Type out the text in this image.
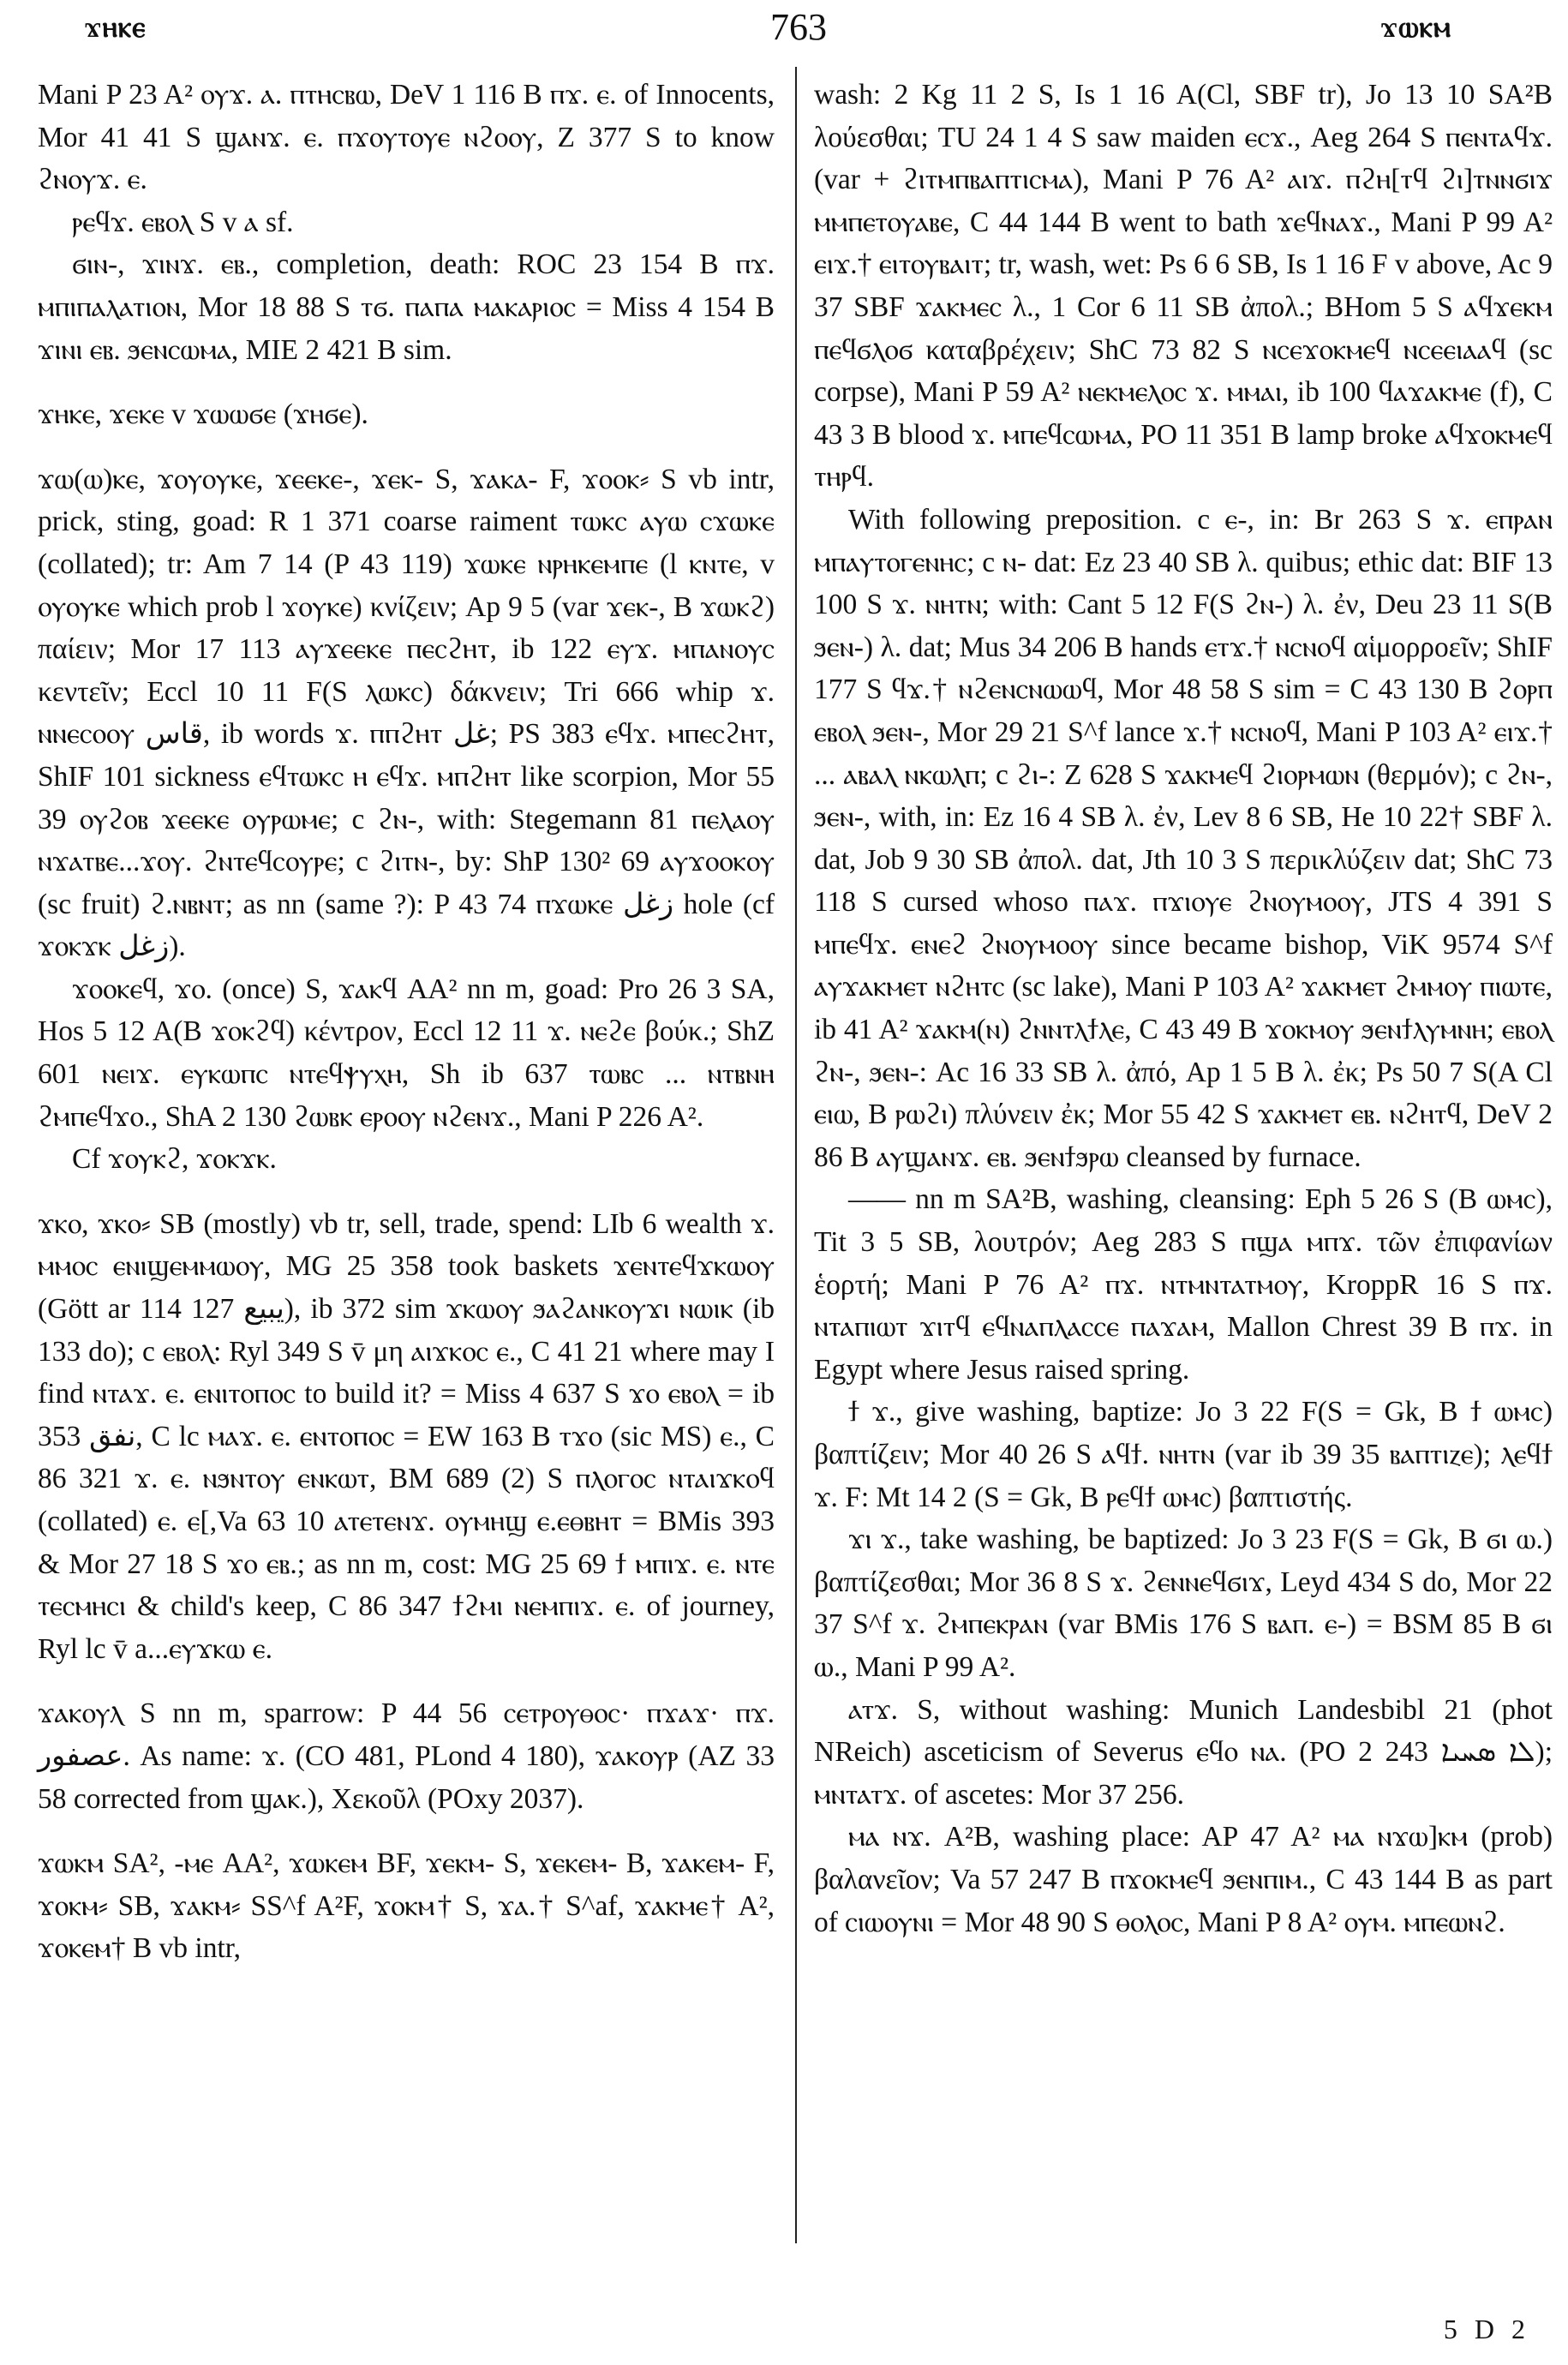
ϫⲏⲕⲉ	763	ϫⲱⲕⲙ

Mani P 23 A² ⲟⲩϫ. ⲁ. ⲡⲧⲏⲥⲃⲱ, DeV 1 116 B ⲡϫ. ⲉ. of Innocents, Mor 41 41 S ϣⲁⲛϫ. ⲉ. ⲡϫⲟⲩⲧⲟⲩⲉ ⲛϩⲟⲟⲩ, Z 377 S to know ϩⲛⲟⲩϫ. ⲉ.

ⲣⲉϥϫ. ⲉⲃⲟⲗ S v ⲁ sf.

ϭⲓⲛ-, ϫⲓⲛϫ. ⲉⲃ., completion, death: ROC 23 154 B ⲡϫ. ⲙⲡⲓⲡⲁⲗⲁⲧⲓⲟⲛ, Mor 18 88 S ⲧϭ. ⲡⲁⲡⲁ ⲙⲁⲕⲁⲣⲓⲟⲥ = Miss 4 154 B ϫⲓⲛⲓ ⲉⲃ. ϧⲉⲛⲥⲱⲙⲁ, MIE 2 421 B sim.

ϫⲏⲕⲉ, ϫⲉⲕⲉ v ϫⲱⲱϭⲉ (ϫⲏϭⲉ).

ϫⲱ(ⲱ)ⲕⲉ, ϫⲟⲩⲟⲩⲕⲉ, ϫⲉⲉⲕⲉ-, ϫⲉⲕ- S, ϫⲁⲕⲁ- F, ϫⲟⲟⲕ⸗ S vb intr, prick, sting, goad: R 1 371 coarse raiment ⲧⲱⲕⲥ ⲁⲩⲱ ⲥϫⲱⲕⲉ (collated); tr: Am 7 14 (P 43 119) ϫⲱⲕⲉ ⲛⲣⲏⲕⲉⲙⲡⲉ (l ⲕⲛⲧⲉ, v ⲟⲩⲟⲩⲕⲉ which prob l ϫⲟⲩⲕⲉ) κνίζειν; Ap 9 5 (var ϫⲉⲕ-, B ϫⲱⲕϩ) παίειν; Mor 17 113 ⲁⲩϫⲉⲉⲕⲉ ⲡⲉⲥϩⲏⲧ, ib 122 ⲉⲩϫ. ⲙⲡⲁⲛⲟⲩⲥ κεντεῖν; Eccl 10 11 F(S ⲗⲱⲕⲥ) δάκνειν; Tri 666 whip ϫ. ⲛⲛⲉⲥⲟⲟⲩ قاس, ib words ϫ. ⲡⲡϩⲏⲧ غل; PS 383 ⲉϥϫ. ⲙⲡⲉⲥϩⲏⲧ, ShIF 101 sickness ⲉϥⲧⲱⲕⲥ ⲏ ⲉϥϫ. ⲙⲡϩⲏⲧ like scorpion, Mor 55 39 ⲟⲩϩⲟⲃ ϫⲉⲉⲕⲉ ⲟⲩⲣⲱⲙⲉ; c ϩⲛ-, with: Stegemann 81 ⲡⲉⲗⲁⲟⲩ ⲛϫⲁⲧⲃⲉ...ϫⲟⲩ. ϩⲛⲧⲉϥⲥⲟⲩⲣⲉ; c ϩⲓⲧⲛ-, by: ShP 130² 69 ⲁⲩϫⲟⲟⲕⲟⲩ (sc fruit) ϩ.ⲛⲃⲛⲧ; as nn (same ?): P 43 74 ⲡϫⲱⲕⲉ زغل hole (cf ϫⲟⲕϫⲕ زغل).

ϫⲟⲟⲕⲉϥ, ϫⲟ. (once) S, ϫⲁⲕϥ AA² nn m, goad: Pro 26 3 SA, Hos 5 12 A(B ϫⲟⲕϩϥ) κέντρον, Eccl 12 11 ϫ. ⲛⲉϩⲉ βούκ.; ShZ 601 ⲛⲉⲓϫ. ⲉⲩⲕⲱⲡⲥ ⲛⲧⲉϥⲯⲩⲭⲏ, Sh ib 637 ⲧⲱⲃⲥ ... ⲛⲧⲃⲛⲏ ϩⲙⲡⲉϥϫⲟ., ShA 2 130 ϩⲱⲃⲕ ⲉⲣⲟⲟⲩ ⲛϩⲉⲛϫ., Mani P 226 A².

Cf ϫⲟⲩⲕϩ, ϫⲟⲕϫⲕ.

ϫⲕⲟ, ϫⲕⲟ⸗ SB (mostly) vb tr, sell, trade, spend: LIb 6 wealth ϫ. ⲙⲙⲟⲥ ⲉⲛⲓϣⲉⲙⲙⲱⲟⲩ, MG 25 358 took baskets ϫⲉⲛⲧⲉϥϫⲕⲱⲟⲩ (Gött ar 114 127 يبيع), ib 372 sim ϫⲕⲱⲟⲩ ϧⲁϩⲁⲛⲕⲟⲩϫⲓ ⲛⲱⲓⲕ (ib 133 do); c ⲉⲃⲟⲗ: Ryl 349 S v̄ μη ⲁⲓϫⲕⲟⲥ ⲉ., C 41 21 where may I find ⲛⲧⲁϫ. ⲉ. ⲉⲛⲓⲧⲟⲡⲟⲥ to build it? = Miss 4 637 S ϫⲟ ⲉⲃⲟⲗ = ib 353 نفق, C lc ⲙⲁϫ. ⲉ. ⲉⲛⲧⲟⲡⲟⲥ = EW 163 B ⲧϫⲟ (sic MS) ⲉ., C 86 321 ϫ. ⲉ. ⲛϧⲛⲧⲟⲩ ⲉⲛⲕⲱⲧ, BM 689 (2) S ⲡⲗⲟⲅⲟⲥ ⲛⲧⲁⲓϫⲕⲟϥ (collated) ⲉ. ⲉ[,Va 63 10 ⲁⲧⲉⲧⲉⲛϫ. ⲟⲩⲙⲏϣ ⲉ.ⲉⲑⲃⲏⲧ = BMis 393 & Mor 27 18 S ϫⲟ ⲉⲃ.; as nn m, cost: MG 25 69 ϯ ⲙⲡⲓϫ. ⲉ. ⲛⲧⲉ ⲧⲉⲥⲙⲏⲥⲓ & child's keep, C 86 347 ϯϩⲙⲓ ⲛⲉⲙⲡⲓϫ. ⲉ. of journey, Ryl lc v̄ a...ⲉⲩϫⲕⲱ ⲉ.

ϫⲁⲕⲟⲩⲗ S nn m, sparrow: P 44 56 ⲥⲉⲧⲣⲟⲩⲑⲟⲥ· ⲡϫⲁϫ· ⲡϫ. عصفور. As name: ϫ. (CO 481, PLond 4 180), ϫⲁⲕⲟⲩⲣ (AZ 33 58 corrected from ϣⲁⲕ.), Χεκοῦλ (POxy 2037).

ϫⲱⲕⲙ SA², -ⲙⲉ AA², ϫⲱⲕⲉⲙ BF, ϫⲉⲕⲙ- S, ϫⲉⲕⲉⲙ- B, ϫⲁⲕⲉⲙ- F, ϫⲟⲕⲙ⸗ SB, ϫⲁⲕⲙ⸗ SS^f A²F, ϫⲟⲕⲙ† S, ϫⲁ.† S^af, ϫⲁⲕⲙⲉ† A², ϫⲟⲕⲉⲙ† B vb intr,

wash: 2 Kg 11 2 S, Is 1 16 A(Cl, SBF tr), Jo 13 10 SA²B λούεσθαι; TU 24 1 4 S saw maiden ⲉⲥϫ., Aeg 264 S ⲡⲉⲛⲧⲁϥϫ. (var + ϩⲓⲧⲙⲡⲃⲁⲡⲧⲓⲥⲙⲁ), Mani P 76 A² ⲁⲓϫ. ⲡϩⲏ[ⲧϥ ϩⲓ]ⲧⲛⲛϭⲓϫ ⲙⲙⲡⲉⲧⲟⲩⲁⲃⲉ, C 44 144 B went to bath ϫⲉϥⲛⲁϫ., Mani P 99 A² ⲉⲓϫ.† ⲉⲓⲧⲟⲩⲃⲁⲓⲧ; tr, wash, wet: Ps 6 6 SB, Is 1 16 F v above, Ac 9 37 SBF ϫⲁⲕⲙⲉⲥ λ., 1 Cor 6 11 SB ἀπολ.; BHom 5 S ⲁϥϫⲉⲕⲙ ⲡⲉϥϭⲗⲟϭ καταβρέχειν; ShC 73 82 S ⲛⲥⲉϫⲟⲕⲙⲉϥ ⲛⲥⲉⲉⲓⲁⲁϥ (sc corpse), Mani P 59 A² ⲛⲉⲕⲙⲉⲗⲟⲥ ϫ. ⲙⲙⲁⲓ, ib 100 ϥⲁϫⲁⲕⲙⲉ (f), C 43 3 B blood ϫ. ⲙⲡⲉϥⲥⲱⲙⲁ, PO 11 351 B lamp broke ⲁϥϫⲟⲕⲙⲉϥ ⲧⲏⲣϥ.

With following preposition. c ⲉ-, in: Br 263 S ϫ. ⲉⲡⲣⲁⲛ ⲙⲡⲁⲩⲧⲟⲅⲉⲛⲏⲥ; c ⲛ- dat: Ez 23 40 SB λ. quibus; ethic dat: BIF 13 100 S ϫ. ⲛⲏⲧⲛ; with: Cant 5 12 F(S ϩⲛ-) λ. ἐν, Deu 23 11 S(B ϧⲉⲛ-) λ. dat; Mus 34 206 B hands ⲉⲧϫ.† ⲛⲥⲛⲟϥ αἱμορροεῖν; ShIF 177 S ϥϫ.† ⲛϩⲉⲛⲥⲛⲱⲱϥ, Mor 48 58 S sim = C 43 130 B ϩⲟⲣⲡ ⲉⲃⲟⲗ ϧⲉⲛ-, Mor 29 21 S^f lance ϫ.† ⲛⲥⲛⲟϥ, Mani P 103 A² ⲉⲓϫ.† ... ⲁⲃⲁⲗ ⲛⲕⲱⲗⲡ; c ϩⲓ-: Z 628 S ϫⲁⲕⲙⲉϥ ϩⲓⲟⲣⲙⲱⲛ (θερμόν); c ϩⲛ-, ϧⲉⲛ-, with, in: Ez 16 4 SB λ. ἐν, Lev 8 6 SB, He 10 22† SBF λ. dat, Job 9 30 SB ἀπολ. dat, Jth 10 3 S περικλύζειν dat; ShC 73 118 S cursed whoso ⲡⲁϫ. ⲡϫⲓⲟⲩⲉ ϩⲛⲟⲩⲙⲟⲟⲩ, JTS 4 391 S ⲙⲡⲉϥϫ. ⲉⲛⲉϩ ϩⲛⲟⲩⲙⲟⲟⲩ since became bishop, ViK 9574 S^f ⲁⲩϫⲁⲕⲙⲉⲧ ⲛϩⲏⲧⲥ (sc lake), Mani P 103 A² ϫⲁⲕⲙⲉⲧ ϩⲙⲙⲟⲩ ⲡⲓⲱⲧⲉ, ib 41 A² ϫⲁⲕⲙ(ⲛ) ϩⲛⲛⲧⲗϯⲗⲉ, C 43 49 B ϫⲟⲕⲙⲟⲩ ϧⲉⲛϯⲗⲩⲙⲛⲏ; ⲉⲃⲟⲗ ϩⲛ-, ϧⲉⲛ-: Ac 16 33 SB λ. ἀπό, Ap 1 5 B λ. ἐκ; Ps 50 7 S(A Cl ⲉⲓⲱ, B ⲣⲱϩⲓ) πλύνειν ἐκ; Mor 55 42 S ϫⲁⲕⲙⲉⲧ ⲉⲃ. ⲛϩⲏⲧϥ, DeV 2 86 B ⲁⲩϣⲁⲛϫ. ⲉⲃ. ϧⲉⲛϯϧⲣⲱ cleansed by furnace.

—— nn m SA²B, washing, cleansing: Eph 5 26 S (B ⲱⲙⲥ), Tit 3 5 SB, λουτρόν; Aeg 283 S ⲡϣⲁ ⲙⲡϫ. τῶν ἐπιφανίων ἑορτή; Mani P 76 A² ⲡϫ. ⲛⲧⲙⲛⲧⲁⲧⲙⲟⲩ, KroppR 16 S ⲡϫ. ⲛⲧⲁⲡⲓⲱⲧ ϫⲓⲧϥ ⲉϥⲛⲁⲡⲗⲁⲥⲥⲉ ⲡⲁϫⲁⲙ, Mallon Chrest 39 B ⲡϫ. in Egypt where Jesus raised spring.

ϯ ϫ., give washing, baptize: Jo 3 22 F(S = Gk, B ϯ ⲱⲙⲥ) βαπτίζειν; Mor 40 26 S ⲁϥϯ. ⲛⲏⲧⲛ (var ib 39 35 ⲃⲁⲡⲧⲓⲍⲉ); ⲗⲉϥϯ ϫ. F: Mt 14 2 (S = Gk, B ⲣⲉϥϯ ⲱⲙⲥ) βαπτιστής.

ϫⲓ ϫ., take washing, be baptized: Jo 3 23 F(S = Gk, B ϭⲓ ⲱ.) βαπτίζεσθαι; Mor 36 8 S ϫ. ϩⲉⲛⲛⲉϥϭⲓϫ, Leyd 434 S do, Mor 22 37 S^f ϫ. ϩⲙⲡⲉⲕⲣⲁⲛ (var BMis 176 S ⲃⲁⲡ. ⲉ-) = BSM 85 B ϭⲓ ⲱ., Mani P 99 A².

ⲁⲧϫ. S, without washing: Munich Landesbibl 21 (phot NReich) asceticism of Severus ⲉϥⲟ ⲛⲁ. (PO 2 243 ܠܐ ܣܚܝܐ); ⲙⲛⲧⲁⲧϫ. of ascetes: Mor 37 256.

ⲙⲁ ⲛϫ. A²B, washing place: AP 47 A² ⲙⲁ ⲛϫⲱ]ⲕⲙ (prob) βαλανεῖον; Va 57 247 B ⲡϫⲟⲕⲙⲉϥ ϧⲉⲛⲡⲓⲙ., C 43 144 B as part of ⲥⲓⲱⲟⲩⲛⲓ = Mor 48 90 S ⲑⲟⲗⲟⲥ, Mani P 8 A² ⲟⲩⲙ. ⲙⲡⲉⲱⲛϩ.

5 D 2
